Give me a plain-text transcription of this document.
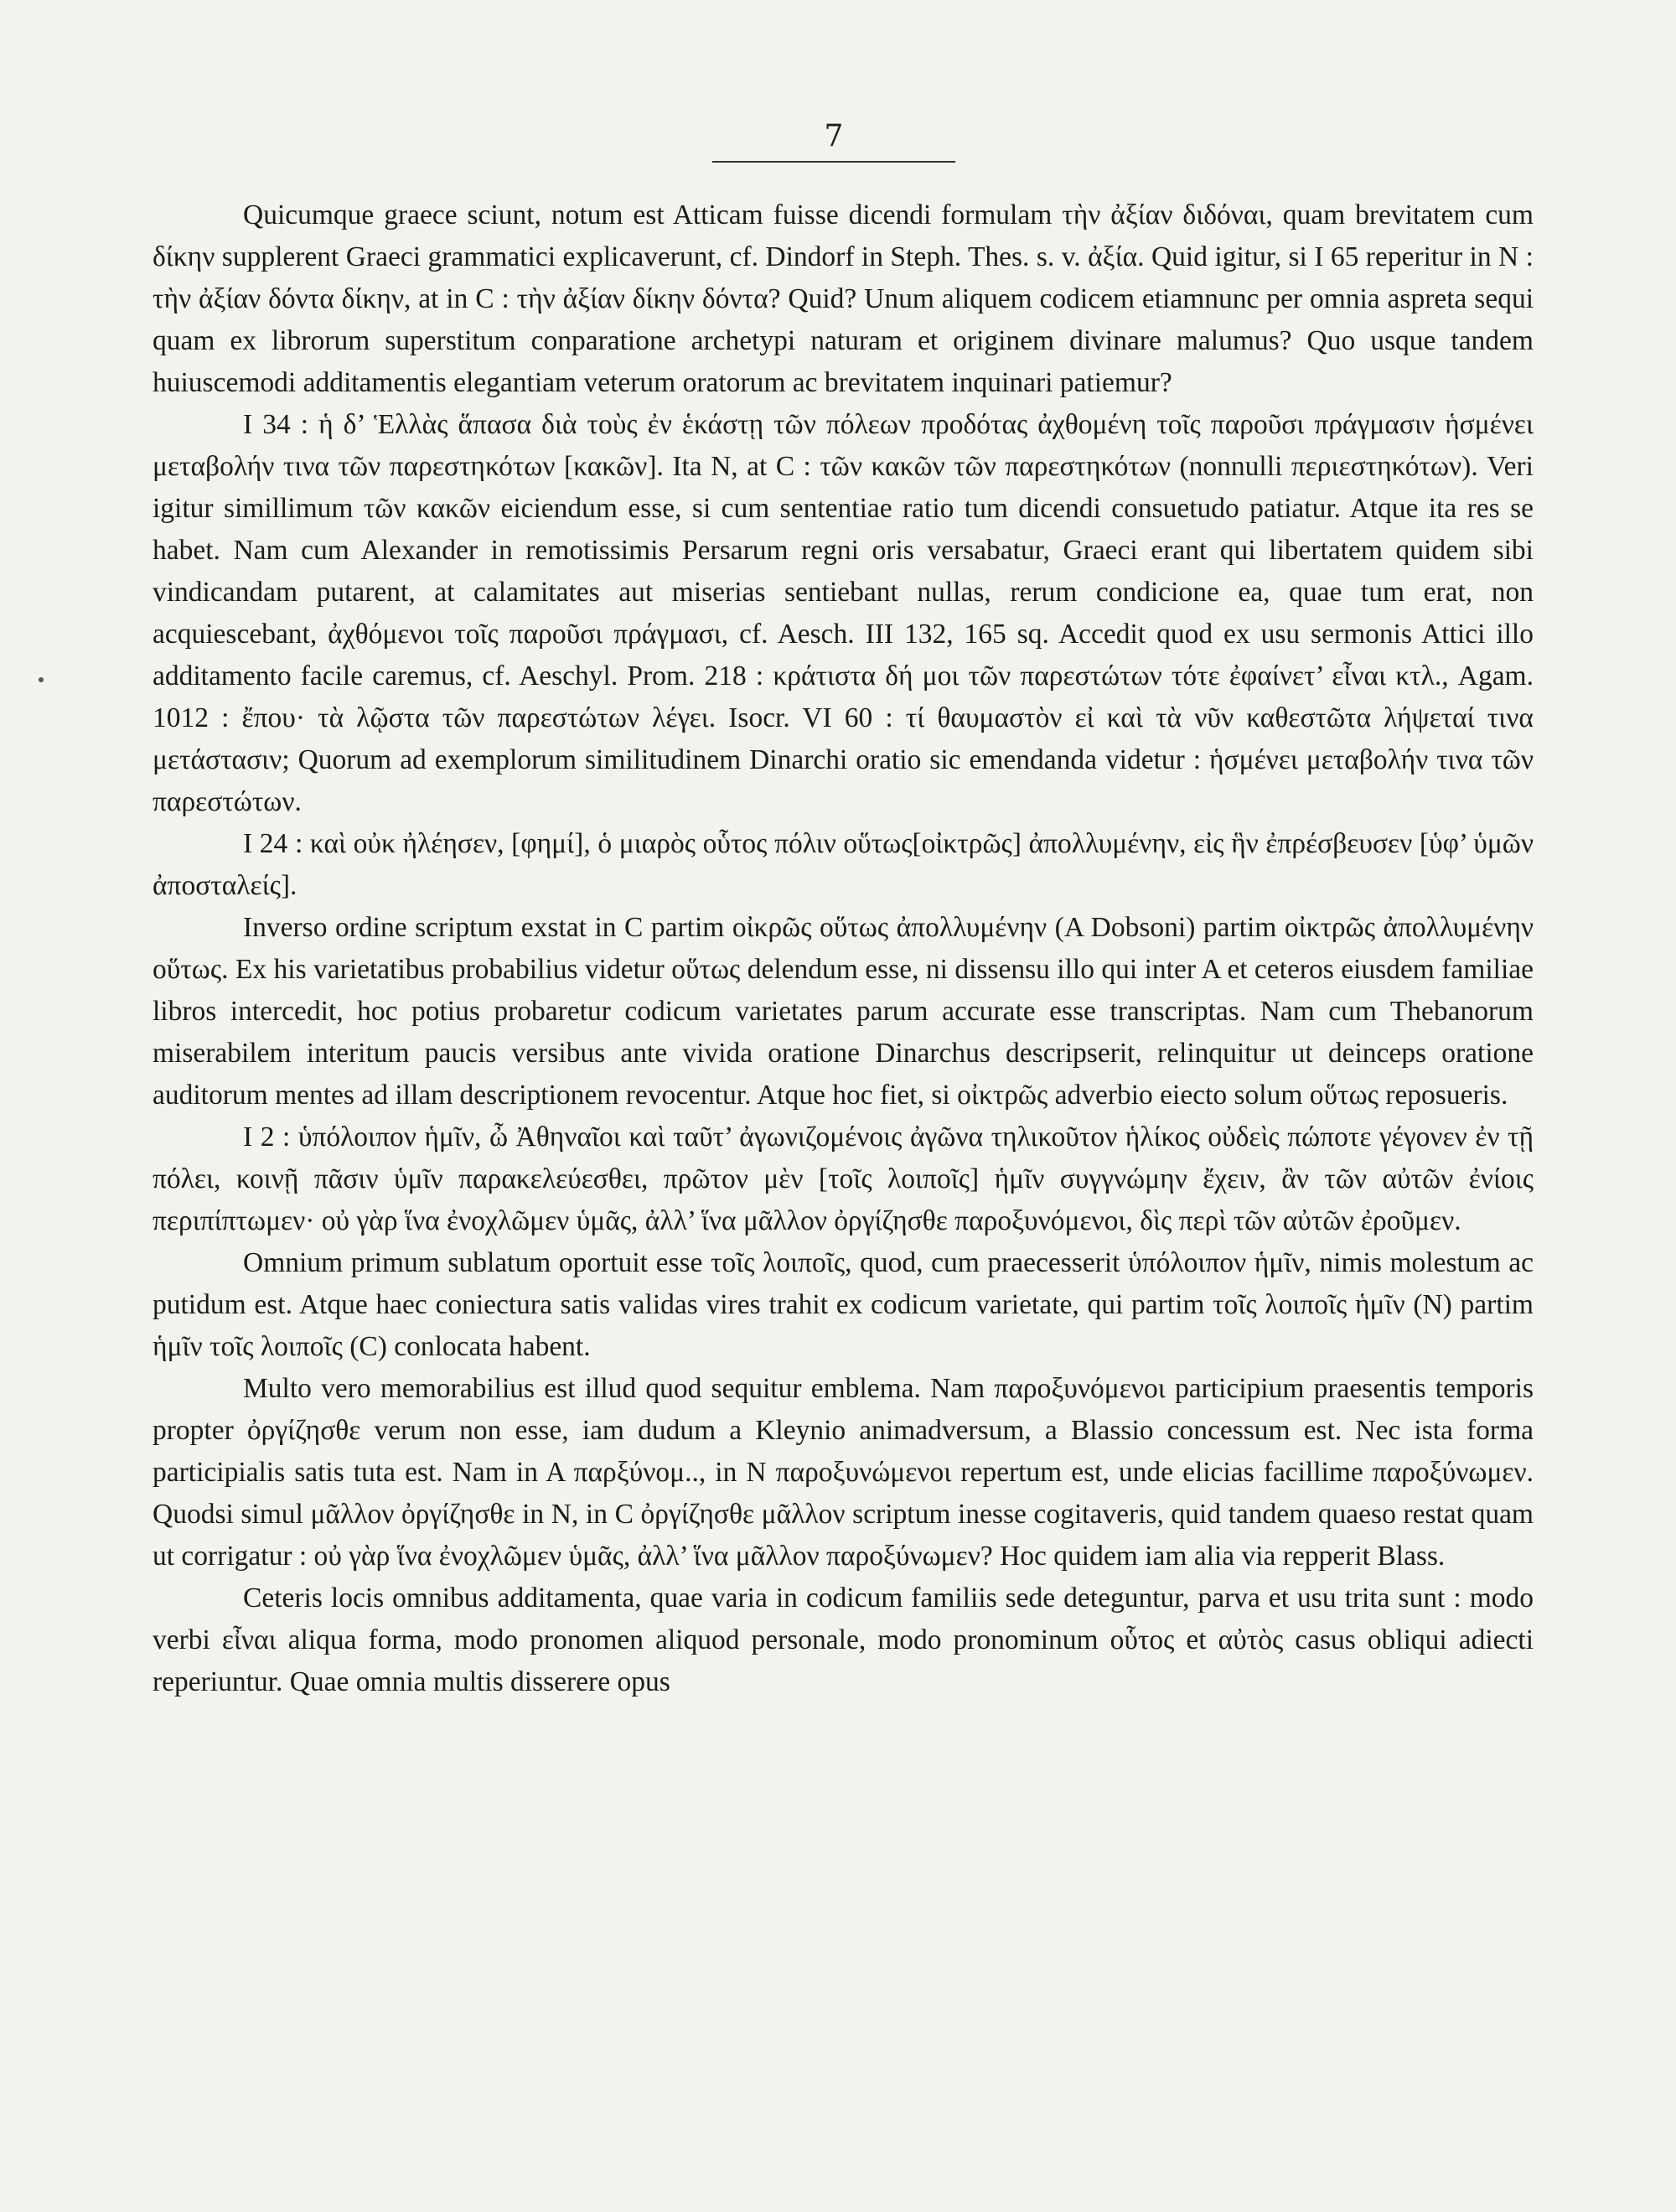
7

Quicumque graece sciunt, notum est Atticam fuisse dicendi formulam τὴν ἀξίαν διδόναι, quam brevitatem cum δίκην supplerent Graeci grammatici explicaverunt, cf. Dindorf in Steph. Thes. s. v. ἀξία. Quid igitur, si I 65 reperitur in N : τὴν ἀξίαν δόντα δίκην, at in C : τὴν ἀξίαν δίκην δόντα? Quid? Unum aliquem codicem etiamnunc per omnia aspreta sequi quam ex librorum superstitum conparatione archetypi naturam et originem divinare malumus? Quo usque tandem huiuscemodi additamentis elegantiam veterum oratorum ac brevitatem inquinari patiemur?

I 34 : ἡ δ’ Ἑλλὰς ἅπασα διὰ τοὺς ἐν ἑκάστῃ τῶν πόλεων προδότας ἀχθομένη τοῖς παροῦσι πράγμασιν ἡσμένει μεταβολήν τινα τῶν παρεστηκότων [κακῶν]. Ita N, at C : τῶν κακῶν τῶν παρεστηκότων (nonnulli περιεστηκότων). Veri igitur simillimum τῶν κακῶν eiciendum esse, si cum sententiae ratio tum dicendi consuetudo patiatur. Atque ita res se habet. Nam cum Alexander in remotissimis Persarum regni oris versabatur, Graeci erant qui libertatem quidem sibi vindicandam putarent, at calamitates aut miserias sentiebant nullas, rerum condicione ea, quae tum erat, non acquiescebant, ἀχθόμενοι τοῖς παροῦσι πράγμασι, cf. Aesch. III 132, 165 sq. Accedit quod ex usu sermonis Attici illo additamento facile caremus, cf. Aeschyl. Prom. 218 : κράτιστα δή μοι τῶν παρεστώτων τότε ἐφαίνετ’ εἶναι κτλ., Agam. 1012 : ἔπου· τὰ λῷστα τῶν παρεστώτων λέγει. Isocr. VI 60 : τί θαυμαστὸν εἰ καὶ τὰ νῦν καθεστῶτα λήψεταί τινα μετάστασιν; Quorum ad exemplorum similitudinem Dinarchi oratio sic emendanda videtur : ἡσμένει μεταβολήν τινα τῶν παρεστώτων.

I 24 : καὶ οὐκ ἠλέησεν, [φημί], ὁ μιαρὸς οὗτος πόλιν οὕτως[οἰκτρῶς] ἀπολλυμένην, εἰς ἣν ἐπρέσβευσεν [ὑφ’ ὑμῶν ἀποσταλείς].

Inverso ordine scriptum exstat in C partim οἰκρῶς οὕτως ἀπολλυμένην (A Dobsoni) partim οἰκτρῶς ἀπολλυμένην οὕτως. Ex his varietatibus probabilius videtur οὕτως delendum esse, ni dissensu illo qui inter A et ceteros eiusdem familiae libros intercedit, hoc potius probaretur codicum varietates parum accurate esse transcriptas. Nam cum Thebanorum miserabilem interitum paucis versibus ante vivida oratione Dinarchus descripserit, relinquitur ut deinceps oratione auditorum mentes ad illam descriptionem revocentur. Atque hoc fiet, si οἰκτρῶς adverbio eiecto solum οὕτως reposueris.

I 2 : ὑπόλοιπον ἡμῖν, ὦ Ἀθηναῖοι καὶ ταῦτ’ ἀγωνιζομένοις ἀγῶνα τηλικοῦτον ἡλίκος οὐδεὶς πώποτε γέγονεν ἐν τῇ πόλει, κοινῇ πᾶσιν ὑμῖν παρακελεύεσθει, πρῶτον μὲν [τοῖς λοιποῖς] ἡμῖν συγγνώμην ἔχειν, ἂν τῶν αὐτῶν ἐνίοις περιπίπτωμεν· οὐ γὰρ ἵνα ἐνοχλῶμεν ὑμᾶς, ἀλλ’ ἵνα μᾶλλον ὀργίζησθε παροξυνόμενοι, δὶς περὶ τῶν αὐτῶν ἐροῦμεν.

Omnium primum sublatum oportuit esse τοῖς λοιποῖς, quod, cum praecesserit ὑπόλοιπον ἡμῖν, nimis molestum ac putidum est. Atque haec coniectura satis validas vires trahit ex codicum varietate, qui partim τοῖς λοιποῖς ἡμῖν (N) partim ἡμῖν τοῖς λοιποῖς (C) conlocata habent.

Multo vero memorabilius est illud quod sequitur emblema. Nam παροξυνόμενοι participium praesentis temporis propter ὀργίζησθε verum non esse, iam dudum a Kleynio animadversum, a Blassio concessum est. Nec ista forma participialis satis tuta est. Nam in A παρξύνομ.., in N παροξυνώμενοι repertum est, unde elicias facillime παροξύνωμεν. Quodsi simul μᾶλλον ὀργίζησθε in N, in C ὀργίζησθε μᾶλλον scriptum inesse cogitaveris, quid tandem quaeso restat quam ut corrigatur : οὐ γὰρ ἵνα ἐνοχλῶμεν ὑμᾶς, ἀλλ’ ἵνα μᾶλλον παροξύνωμεν? Hoc quidem iam alia via repperit Blass.

Ceteris locis omnibus additamenta, quae varia in codicum familiis sede deteguntur, parva et usu trita sunt : modo verbi εἶναι aliqua forma, modo pronomen aliquod personale, modo pronominum οὗτος et αὐτὸς casus obliqui adiecti reperiuntur. Quae omnia multis disserere opus
